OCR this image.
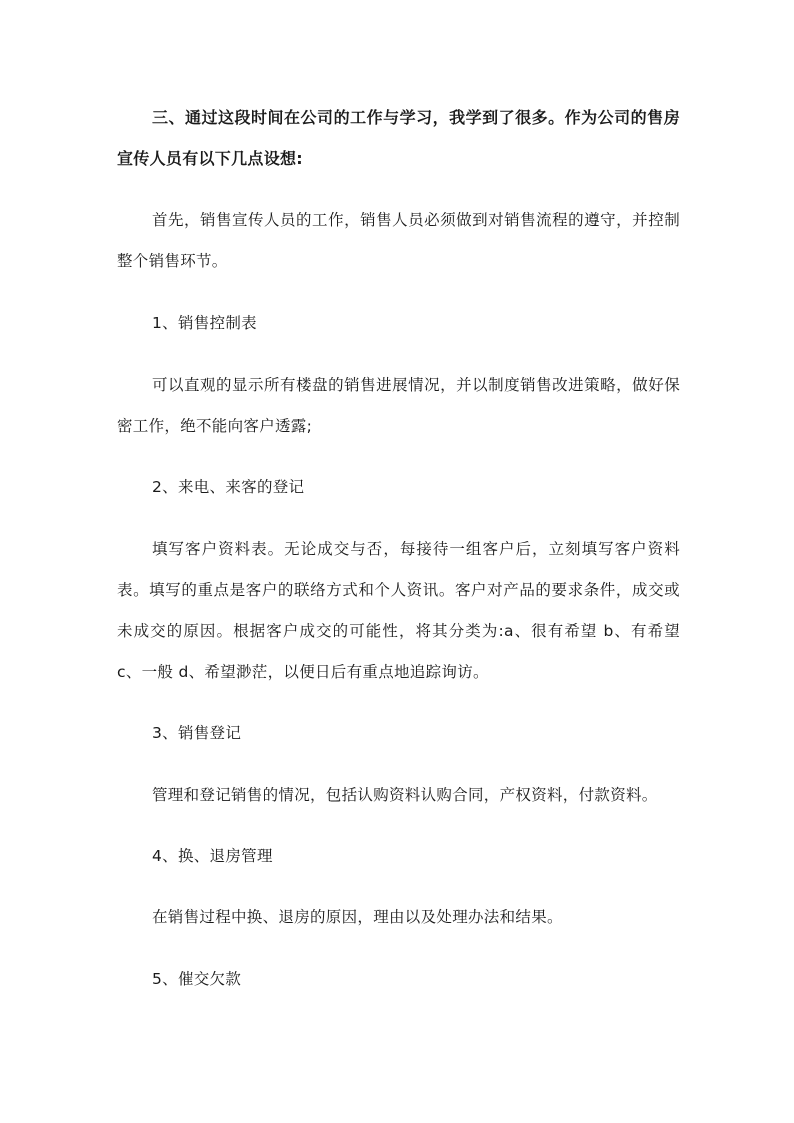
三、通过这段时间在公司的工作与学习，我学到了很多。作为公司的售房宣传人员有以下几点设想:

首先，销售宣传人员的工作，销售人员必须做到对销售流程的遵守，并控制整个销售环节。

1、销售控制表

可以直观的显示所有楼盘的销售进展情况，并以制度销售改进策略，做好保密工作，绝不能向客户透露;

2、来电、来客的登记

填写客户资料表。无论成交与否，每接待一组客户后，立刻填写客户资料表。填写的重点是客户的联络方式和个人资讯。客户对产品的要求条件，成交或未成交的原因。根据客户成交的可能性，将其分类为:a、很有希望 b、有希望 c、一般 d、希望渺茫，以便日后有重点地追踪询访。

3、销售登记

管理和登记销售的情况，包括认购资料认购合同，产权资料，付款资料。

4、换、退房管理

在销售过程中换、退房的原因，理由以及处理办法和结果。

5、催交欠款
